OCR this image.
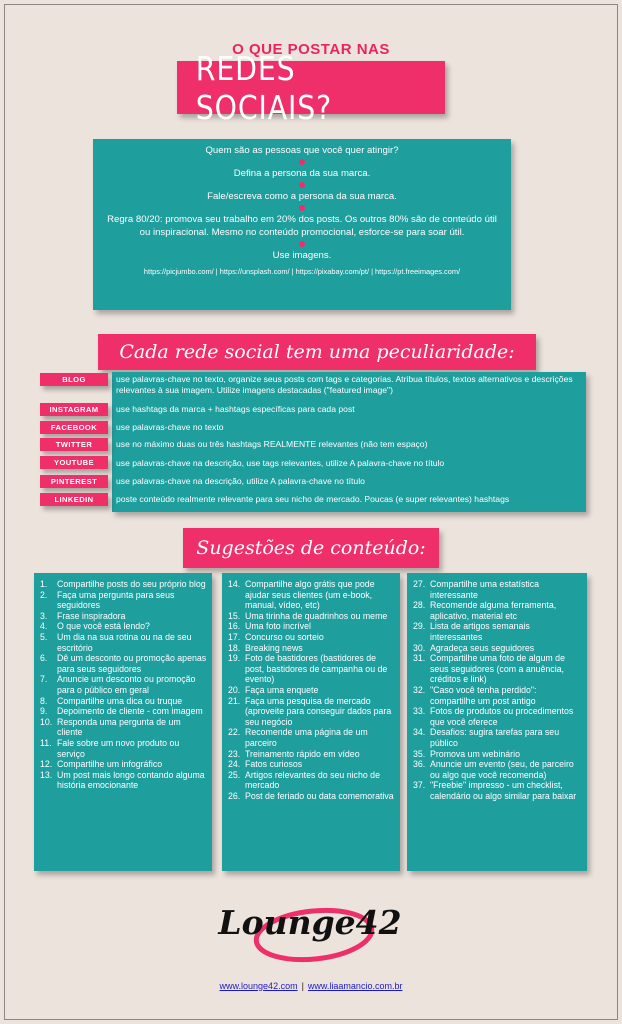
O QUE POSTAR NAS
REDES SOCIAIS?
Quem são as pessoas que você quer atingir?
Defina a persona da sua marca.
Fale/escreva como a persona da sua marca.
Regra 80/20: promova seu trabalho em 20% dos posts. Os outros 80% são de conteúdo útil ou inspiracional. Mesmo no conteúdo promocional, esforce-se para soar útil.
Use imagens.
https://picjumbo.com/ | https://unsplash.com/ | https://pixabay.com/pt/ | https://pt.freeimages.com/
Cada rede social tem uma peculiaridade:
BLOG	use palavras-chave no texto, organize seus posts com tags e categorias. Atribua títulos, textos alternativos e descrições relevantes à sua imagem. Utilize imagens destacadas ("featured image")
INSTAGRAM	use hashtags da marca + hashtags específicas para cada post
FACEBOOK	use palavras-chave no texto
TWITTER	use no máximo duas ou três hashtags REALMENTE relevantes (não tem espaço)
YOUTUBE	use palavras-chave na descrição, use tags relevantes, utilize A palavra-chave no título
PINTEREST	use palavras-chave na descrição, utilize A palavra-chave no título
LINKEDIN	poste conteúdo realmente relevante para seu nicho de mercado. Poucas (e super relevantes) hashtags
Sugestões de conteúdo:
1.	Compartilhe posts do seu próprio blog
2.	Faça uma pergunta para seus seguidores
3.	Frase inspiradora
4.	O que você está lendo?
5.	Um dia na sua rotina ou na de seu escritório
6.	Dê um desconto ou promoção apenas para seus seguidores
7.	Anuncie um desconto ou promoção para o público em geral
8.	Compartilhe uma dica ou truque
9.	Depoimento de cliente - com imagem
10. Responda uma pergunta de um cliente
11. Fale sobre um novo produto ou serviço
12. Compartilhe um infográfico
13. Um post mais longo contando alguma história emocionante
14. Compartilhe algo grátis que pode ajudar seus clientes (um e-book, manual, vídeo, etc)
15. Uma tirinha de quadrinhos ou meme
16. Uma foto incrível
17. Concurso ou sorteio
18. Breaking news
19. Foto de bastidores (bastidores de post, bastidores de campanha ou de evento)
20. Faça uma enquete
21. Faça uma pesquisa de mercado (aproveite para conseguir dados para seu negócio
22. Recomende uma página de um parceiro
23. Treinamento rápido em vídeo
24. Fatos curiosos
25. Artigos relevantes do seu nicho de mercado
26. Post de feriado ou data comemorativa
27. Compartilhe uma estatística interessante
28. Recomende alguma ferramenta, aplicativo, material etc
29. Lista de artigos semanais interessantes
30. Agradeça seus seguidores
31. Compartilhe uma foto de algum de seus seguidores (com a anuência, créditos e link)
32. "Caso você tenha perdido": compartilhe um post antigo
33. Fotos de produtos ou procedimentos que você oferece
34. Desafios: sugira tarefas para seu público
35. Promova um webinário
36. Anuncie um evento (seu, de parceiro ou algo que você recomenda)
37. "Freebie" impresso - um checklist, calendário ou algo similar para baixar
Lounge42
www.lounge42.com | www.liaamancio.com.br
